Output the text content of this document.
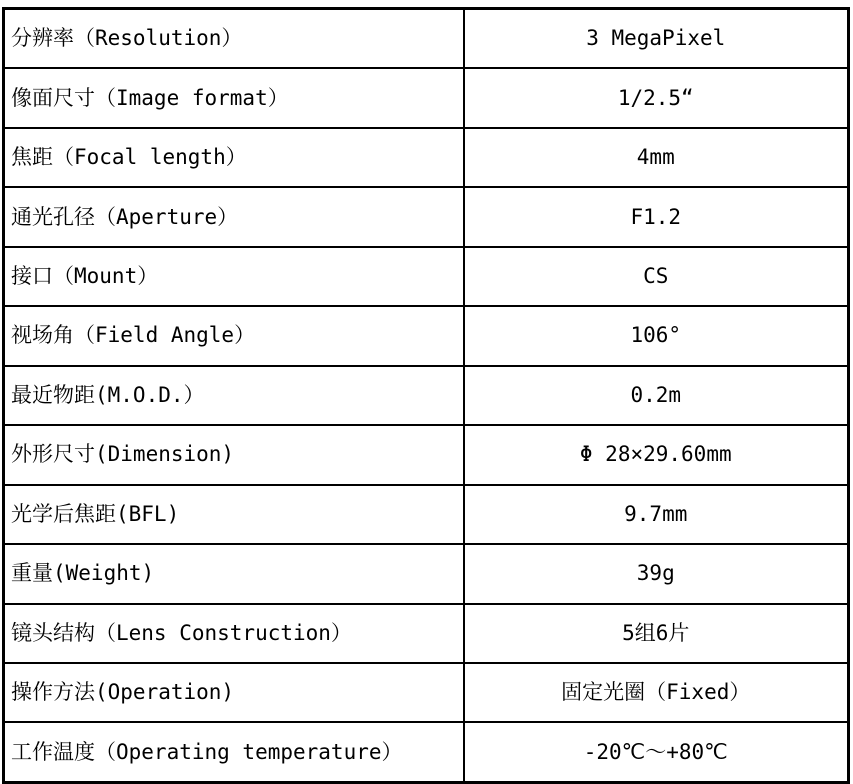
分辨率（Resolution）	3 MegaPixel
像面尺寸（Image format）	1/2.5“
焦距（Focal length）	4mm
通光孔径（Aperture）	F1.2
接口（Mount）	CS
视场角（Field Angle）	106°
最近物距(M.O.D.）	0.2m
外形尺寸(Dimension)	Φ 28×29.60mm
光学后焦距(BFL)	9.7mm
重量(Weight)	39g
镜头结构（Lens Construction）	5组6片
操作方法(Operation)	固定光圈（Fixed）
工作温度（Operating temperature）	-20℃～+80℃
